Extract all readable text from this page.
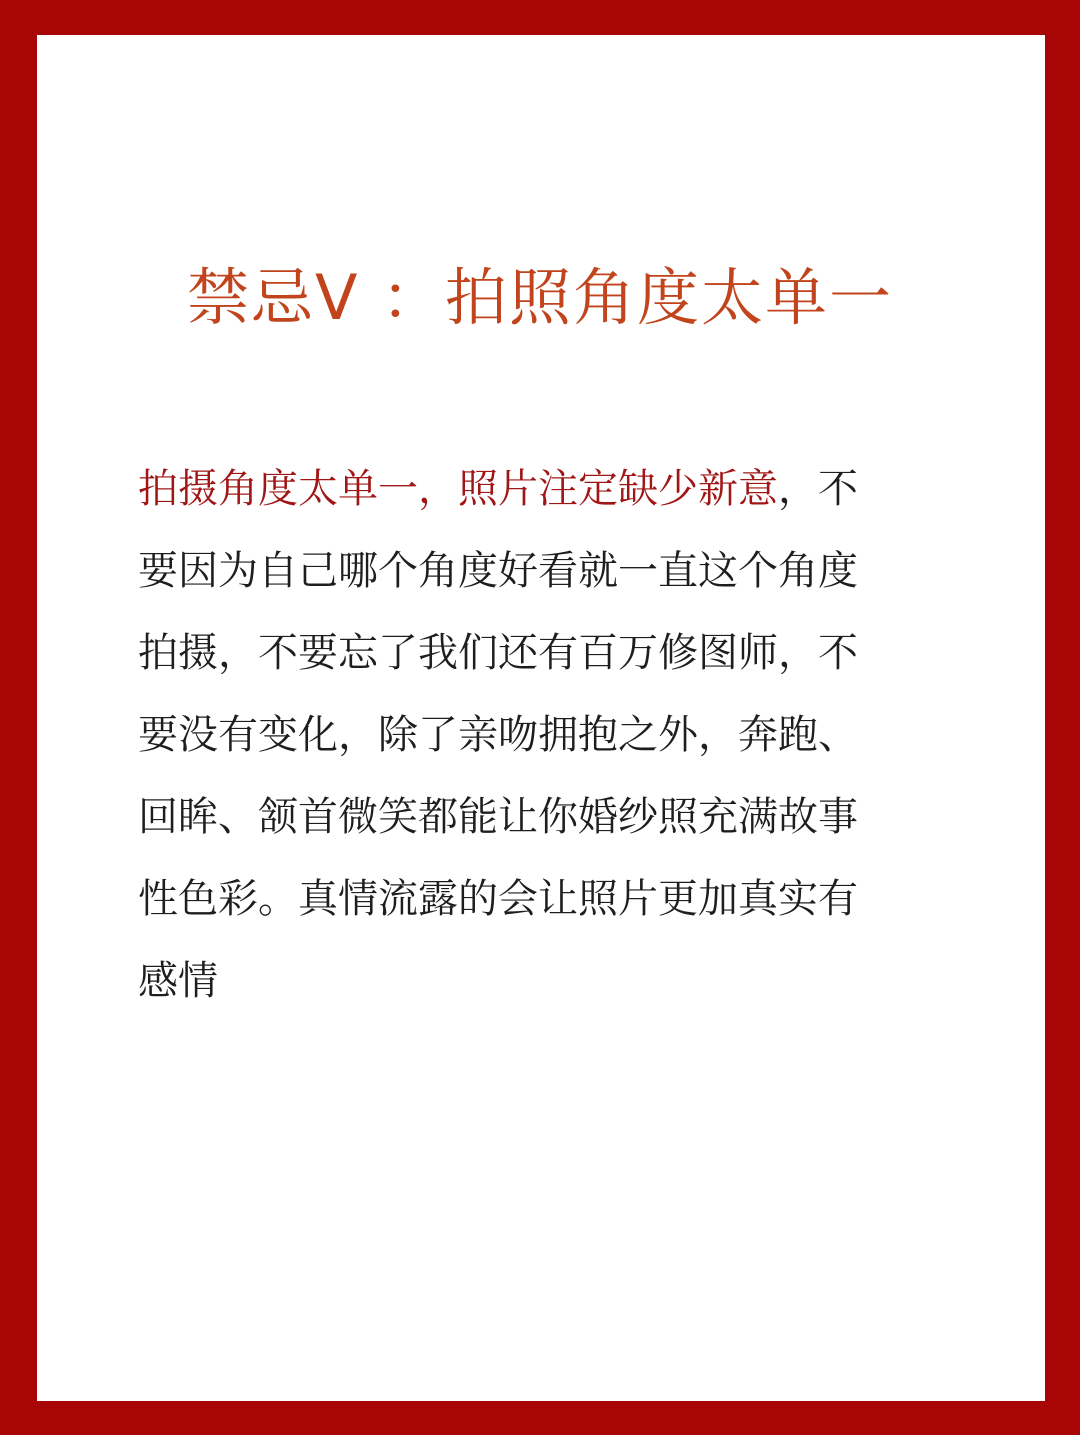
禁忌V ：拍照角度太单一
拍摄角度太单一，照片注定缺少新意，不
要因为自己哪个角度好看就一直这个角度
拍摄，不要忘了我们还有百万修图师，不
要没有变化，除了亲吻拥抱之外，奔跑、
回眸、颔首微笑都能让你婚纱照充满故事
性色彩。真情流露的会让照片更加真实有
感情
